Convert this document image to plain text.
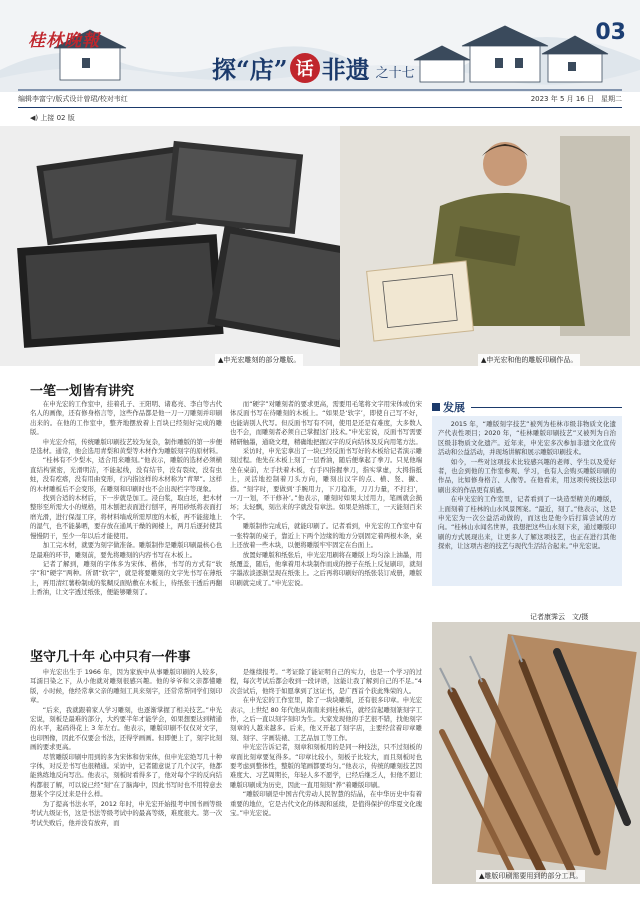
桂林晚報	03
探“店” 话 非遗 之十七
编辑李富宁/版式设计曾珺/校对韦红	2023 年 5 月 16 日　星期二
◀) 上接 02 版
▲申光宏雕刻的部分雕版。	▲申光宏和他的雕版印刷作品。
一笔一划皆有讲究

在申光宏的工作室中，挂着孔子、王阳明、诸葛亮、李白等古代名人的画像，还有修身格言等，这些作品都是他一刀一刀雕刻并印刷出来的。在他的工作室中，整齐地摆放着上百块已经刻好完成的雕版。

申光宏介绍，传统雕版印刷技艺较为复杂，制作雕版的第一步便是选材。通常，他会选用青梨和黄梨等木材作为雕版刻字的原材料。

“桂林有不少梨木，适合用来雕刻。”他表示，雕版的选材必须横直结构紧密，光滑明洁，不能起线，没有结节，没有裂纹，没有虫蛀，没有疙瘩，没有用曲变形，行内指这样的木材称为“青翠”。这样的木材雕板后不会变形，在雕刻和印刷时也不会出现栏字等现象。

找到合适的木材后，下一步就是加工。浸白浆，取白坯，把木材整形至所需大小的规格，用木刨把表面进行刨平，再用砂纸将表面打磨光滑，进行保湿工序，将材料墙成所需厚度的木板，再不能接地上的湿气，也不能暴晒，要存放在通风干燥的阁楼上，两月后逐封使其慢慢阴干，至少一年以后才能使用。

加工完木材，就要为刻字做准备。雕版制作是雕版印刷最核心也是最难的环节，雕刻前，要先将雕刻的内容书写在木板上。

记者了解到，雕刻的字体多为宋体、楷体，书写的方式有“软字”和“硬字”两种。所谓“软字”，就是将要雕刻的文字先书写在薄纸上，再用清红薯粉制成的浆糊反面贴敷在木板上，待纸张干透后再翻上香油，让文字透过纸张，便能够雕刻了。

而“硬字”对雕刻者的要求更高，需要用毛笔将文字用宋体或仿宋体反面书写在待雕刻的木板上。“如果是‘软字’，即使自己写不好，也能请别人代写。但反面书写有不同，使用是还是有难度，大多数人也不会，而雕刻者必须自己掌握这门技术。”申光宏说，反面书写需要精研触墨，通晓文理，精确地把握汉字的反向结体及反向用笔方法。

采访时，申光宏拿出了一块已经反面书写好的木板给记者演示雕刻过程。他先在木板上刻了一层香油，随后便拿起了拳刀。只见他端坐在桌前，左手扶着木板，右手四指握拳刀，指实掌虚，大拇指抵上，灵活地控制着刀头方向，雕刻出汉字的点、横、竖、撇、捺。“刻字时，要做到‘手腕用力，下刀稳准，刀刀力量，不打扫’，一刀一划，不干修补’。”他表示，雕刻时如果太过用力，笔画就会损坏；太轻飘，刻出来的字就没有章法。如果是熟练工，一天能刻百来个字。

雕版制作完成后，就能印刷了。记者看到，申光宏的工作室中有一张特制的桌子，靠近上下两个边缘的地方分别固定着两根木条，桌上还放着一些木块，以便将雕版牢牢固定在台面上。

放置好雕版和纸张后，申光宏用刷将在雕版上均匀涂上油墨，用纸覆盖，随后，他拿着用木块制作而成的擦子在纸上反复刷印，就刻字墨浓淡逐渐呈现在纸张上。之后再将印刷好的纸张装订成册，雕版印刷就完成了。”申光宏说。

坚守几十年 心中只有一件事

申光宏出生于 1966 年，因为家族中从事雕版印刷的人较多，耳濡目染之下，从小他就对雕刻很感兴趣。他的爷爷和父亲都懂雕版，小时候，他经常拿父亲的雕刻工具来刻字，还常常帮同学们刻印章。

“后来，我就跟着家人学习雕刻，也逐渐掌握了相关技艺。”申光宏说，刻板是最难的部分，大约要半年才能学会，如果想要达到精通的水平，起码得花上 3 年左右。他表示，雕版印刷不仅仅对文字，也印图像，因此不仅要会书法，还得学画画。但即便上了，刻字比刻画的要求更高。

尽管雕版印刷中用到的多为宋体和仿宋体，但申光宏绝写几十种字体，对反差书写也很精通。采访中，记者随意说了几个汉字，他都能熟练地反向写出。他表示，刻板时看得多了，他对每个字的反向结构都很了解，可以说已经“刻”在了脑海中，因此书写时也不用特意去想某个字反过来是什么样。

为了提高书法水平，2012 年时，申光宏开始报考中国书画等级考试九级证书，这是书法等级考试中的最高等级，难度很大。第一次考试失败后，他并没有放弃，而

是继续报考。“考证除了能证明自己的实力，也是一个学习的过程，每次考试后都会收到一段评语，这能让我了解到自己的不足。”4 次尝试后，他终于如愿拿到了这证书，是广西首个获此殊荣的人。

在申光宏的工作室里，除了一块块雕版，还有很多印章。申光宏表示，上世纪 80 年代他从南南来到桂林后，就经营起雕刻篆刻字工作，之后一直以刻字刻印为生。大家发现他的手艺很不错，找他刻字刻章的人越来越多。后来，他又开起了刻字店，主要经营着印章雕刻、刻字、字画装裱、工艺品加工等工作。

申光宏告诉记者，刻章和刻板用的是同一种技法，只不过刻板的章面比刻章要复得多。“印章比较小，刻板子比较大，而且刻板时也要考虑到整体性，整版的笔画都要均匀。”他表示，传统的雕刻技艺因难度大、习艺周期长，年轻人多不愿学，已经后继乏人，但他不愿让雕版印刷成为历史，因此一直用刻刻“养”着雕版印刷。

“雕版印刷是中国古代劳动人民智慧的结晶，在中华历史中有着重要的地位，它是古代文化的体现和延续，是值得保护的华夏文化瑰宝。”申光宏说。

发展

2015 年，“雕版刻字技艺”被列为桂林市级非物质文化遗产代表性项目；2020 年，“桂林雕版印刷技艺”又被列为自治区级非物质文化遗产。近年来，申光宏多次参加非遗文化宣传活动和公益活动，并现场讲解和展示雕版印刷技术。

如今，一些对这项技术比较感兴趣的老师、学生以及爱好者，也会到他的工作室参观、学习，也有人会购买雕版印刷的作品，比如修身格言、人像等。在他看来，用这项传统技法印刷出来的作品更有质感。

在申光宏的工作室里，记者看到了一块造型精美的雕版，上面刻着了桂林的山水风景图案。“最近，刻了。”他表示，这是申光宏为一次公益活动做的，而这也是他今后打算尝试的方向。“桂林山水闻名世界，我想把这些山水刻下来，通过雕版印刷的方式展现出来，让更多人了解这项技艺，也正在进行其他探索，让这项古老的技艺与现代生活结合起来。”申光宏说。

记者康霁云　文/摄
▲雕版印刷需要用到的部分工具。
